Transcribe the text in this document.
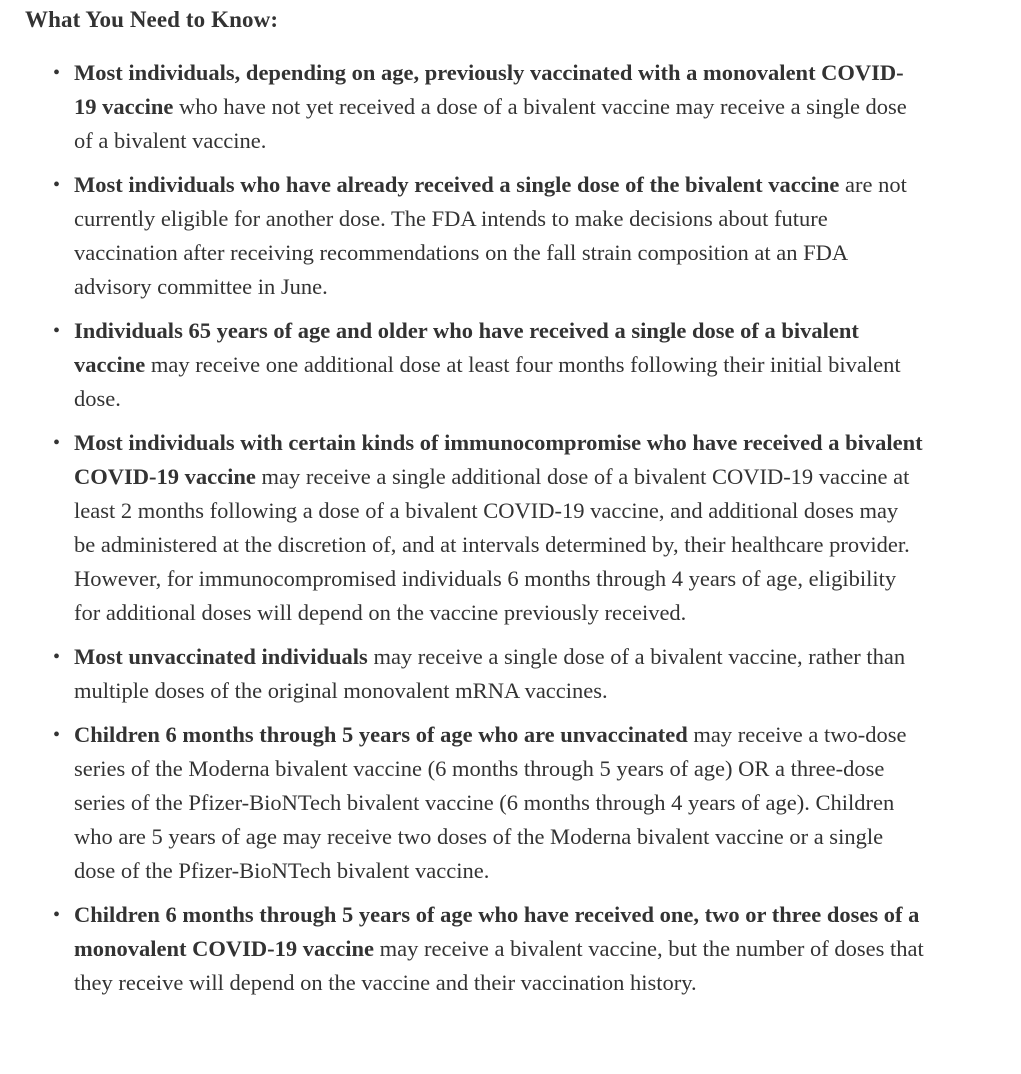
What You Need to Know:
• Most individuals, depending on age, previously vaccinated with a monovalent COVID-19 vaccine who have not yet received a dose of a bivalent vaccine may receive a single dose of a bivalent vaccine.
• Most individuals who have already received a single dose of the bivalent vaccine are not currently eligible for another dose. The FDA intends to make decisions about future vaccination after receiving recommendations on the fall strain composition at an FDA advisory committee in June.
• Individuals 65 years of age and older who have received a single dose of a bivalent vaccine may receive one additional dose at least four months following their initial bivalent dose.
• Most individuals with certain kinds of immunocompromise who have received a bivalent COVID-19 vaccine may receive a single additional dose of a bivalent COVID-19 vaccine at least 2 months following a dose of a bivalent COVID-19 vaccine, and additional doses may be administered at the discretion of, and at intervals determined by, their healthcare provider. However, for immunocompromised individuals 6 months through 4 years of age, eligibility for additional doses will depend on the vaccine previously received.
• Most unvaccinated individuals may receive a single dose of a bivalent vaccine, rather than multiple doses of the original monovalent mRNA vaccines.
• Children 6 months through 5 years of age who are unvaccinated may receive a two-dose series of the Moderna bivalent vaccine (6 months through 5 years of age) OR a three-dose series of the Pfizer-BioNTech bivalent vaccine (6 months through 4 years of age). Children who are 5 years of age may receive two doses of the Moderna bivalent vaccine or a single dose of the Pfizer-BioNTech bivalent vaccine.
• Children 6 months through 5 years of age who have received one, two or three doses of a monovalent COVID-19 vaccine may receive a bivalent vaccine, but the number of doses that they receive will depend on the vaccine and their vaccination history.
